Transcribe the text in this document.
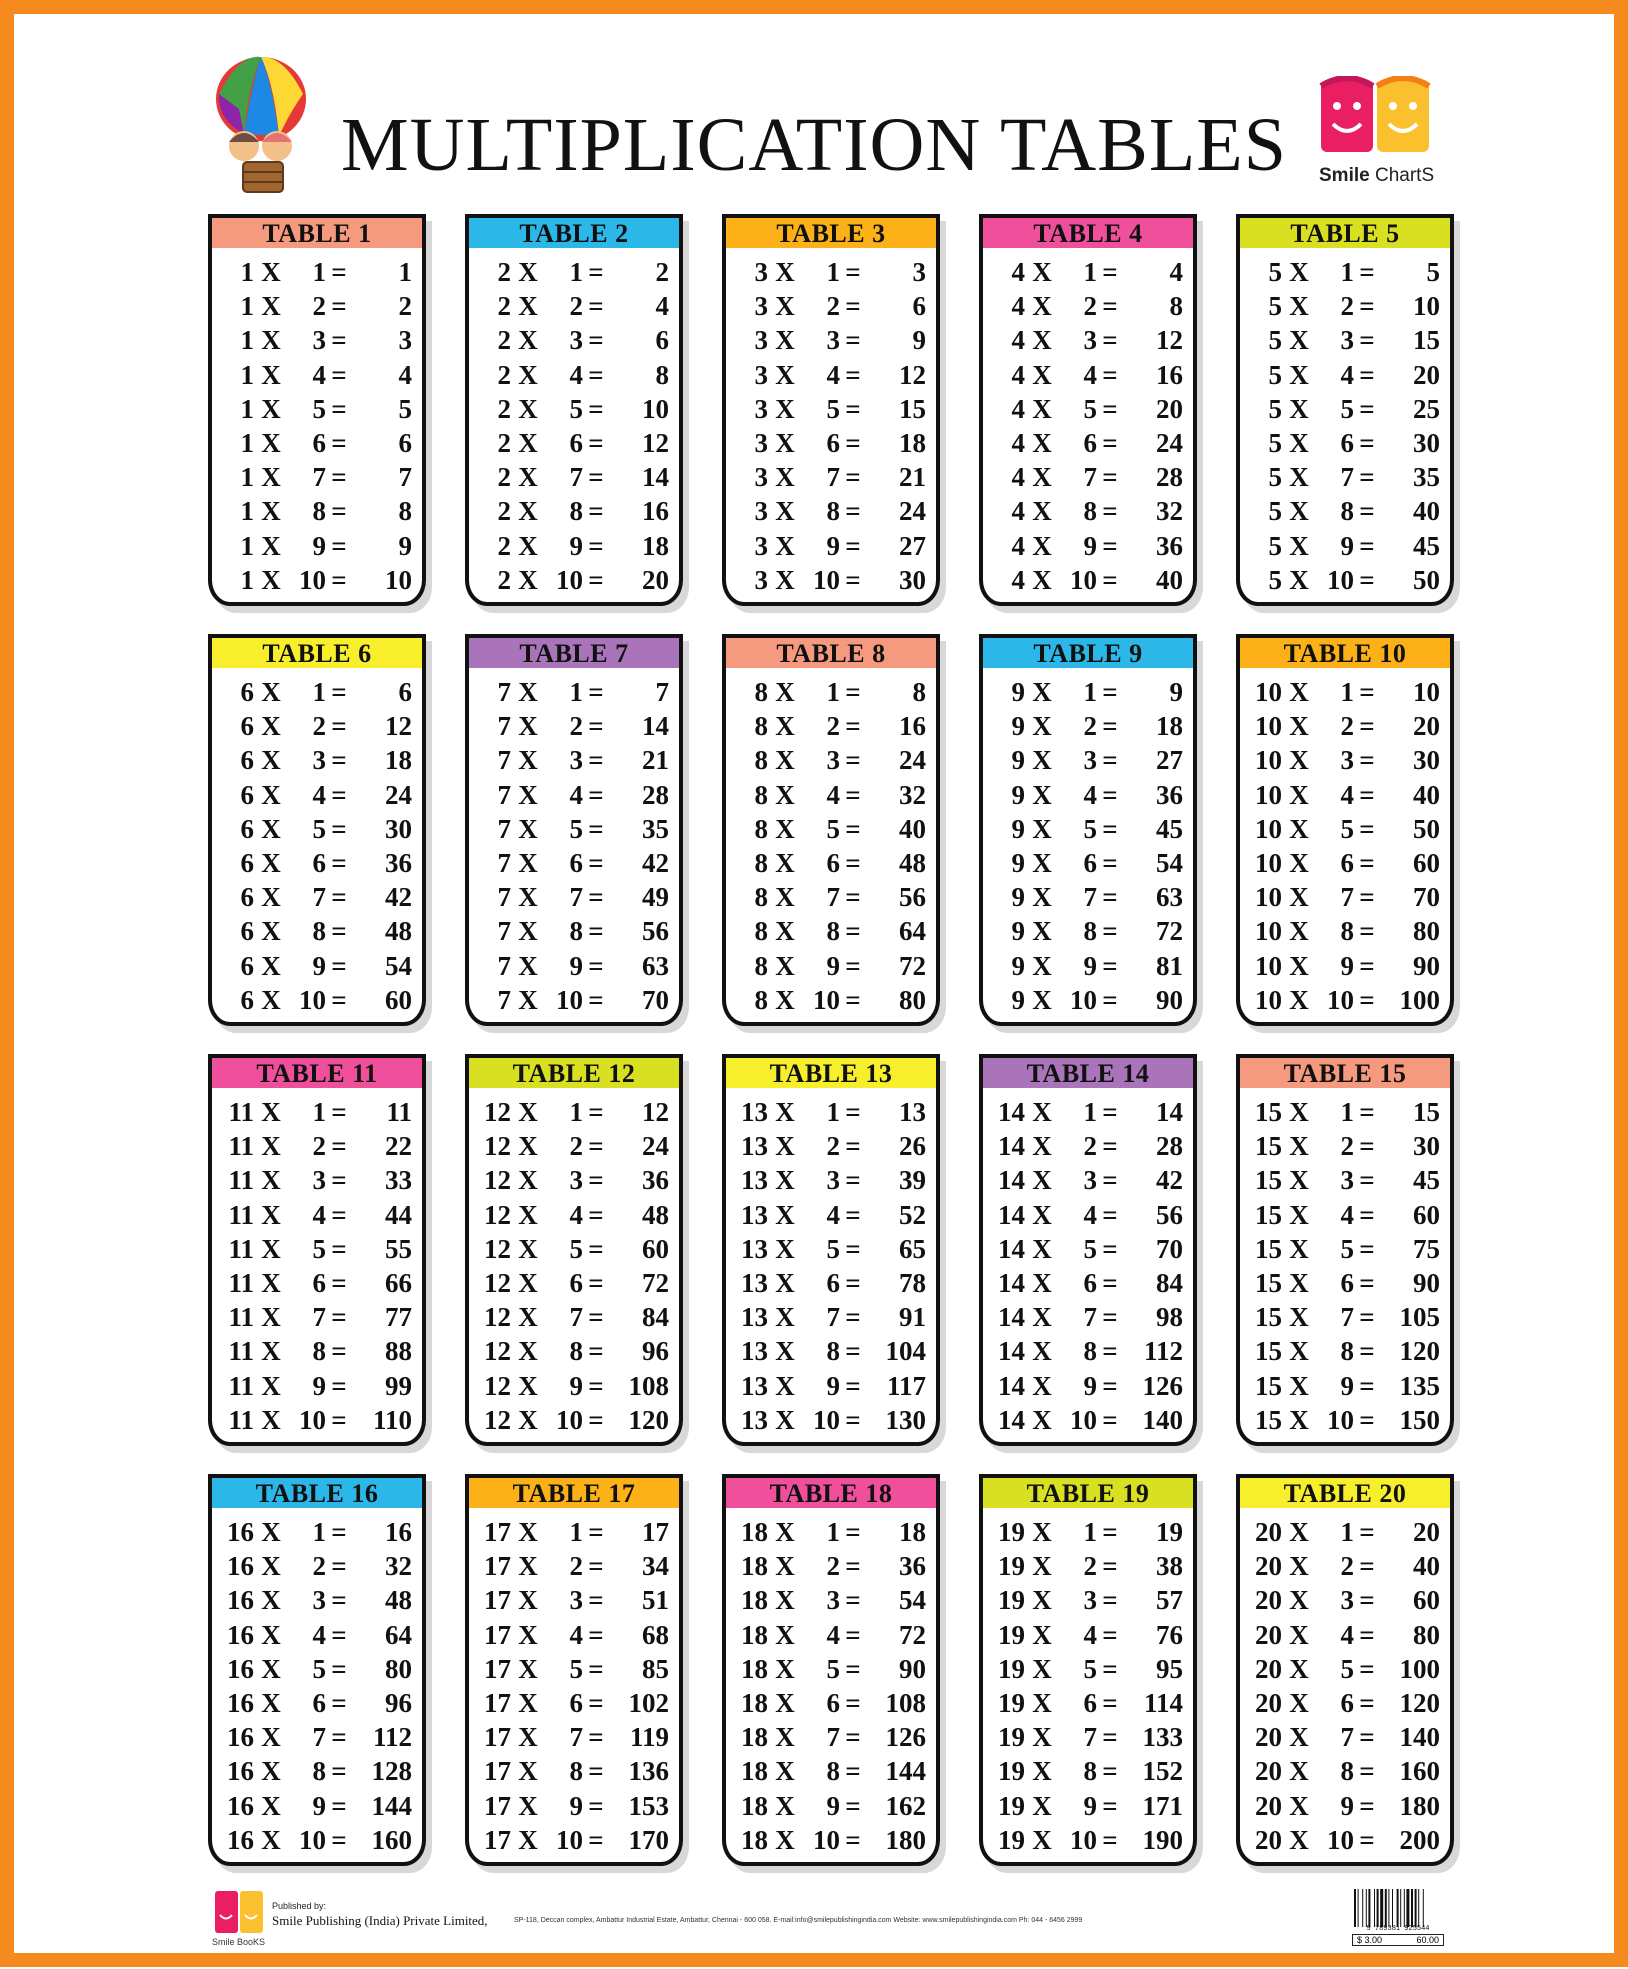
MULTIPLICATION TABLES	Smile ChartS
TABLE 1
1 X	1 =	1
1 X	2 =	2
1 X	3 =	3
1 X	4 =	4
1 X	5 =	5
1 X	6 =	6
1 X	7 =	7
1 X	8 =	8
1 X	9 =	9
1 X 10 =	10
TABLE 2
2 X	1 =	2
2 X	2 =	4
2 X	3 =	6
2 X	4 =	8
2 X	5 =	10
2 X	6 =	12
2 X	7 =	14
2 X	8 =	16
2 X	9 =	18
2 X 10 =	20
TABLE 3
3 X	1 =	3
3 X	2 =	6
3 X	3 =	9
3 X	4 =	12
3 X	5 =	15
3 X	6 =	18
3 X	7 =	21
3 X	8 =	24
3 X	9 =	27
3 X 10 =	30
TABLE 4
4 X	1 =	4
4 X	2 =	8
4 X	3 =	12
4 X	4 =	16
4 X	5 =	20
4 X	6 =	24
4 X	7 =	28
4 X	8 =	32
4 X	9 =	36
4 X 10 =	40
TABLE 5
5 X	1 =	5
5 X	2 =	10
5 X	3 =	15
5 X	4 =	20
5 X	5 =	25
5 X	6 =	30
5 X	7 =	35
5 X	8 =	40
5 X	9 =	45
5 X 10 =	50
TABLE 6
6 X	1 =	6
6 X	2 =	12
6 X	3 =	18
6 X	4 =	24
6 X	5 =	30
6 X	6 =	36
6 X	7 =	42
6 X	8 =	48
6 X	9 =	54
6 X 10 =	60
TABLE 7
7 X	1 =	7
7 X	2 =	14
7 X	3 =	21
7 X	4 =	28
7 X	5 =	35
7 X	6 =	42
7 X	7 =	49
7 X	8 =	56
7 X	9 =	63
7 X 10 =	70
TABLE 8
8 X	1 =	8
8 X	2 =	16
8 X	3 =	24
8 X	4 =	32
8 X	5 =	40
8 X	6 =	48
8 X	7 =	56
8 X	8 =	64
8 X	9 =	72
8 X 10 =	80
TABLE 9
9 X	1 =	9
9 X	2 =	18
9 X	3 =	27
9 X	4 =	36
9 X	5 =	45
9 X	6 =	54
9 X	7 =	63
9 X	8 =	72
9 X	9 =	81
9 X 10 =	90
TABLE 10
10 X	1 =	10
10 X	2 =	20
10 X	3 =	30
10 X	4 =	40
10 X	5 =	50
10 X	6 =	60
10 X	7 =	70
10 X	8 =	80
10 X	9 =	90
10 X 10 = 100
TABLE 11
11 X	1 =	11
11 X	2 =	22
11 X	3 =	33
11 X	4 =	44
11 X	5 =	55
11 X	6 =	66
11 X	7 =	77
11 X	8 =	88
11 X	9 =	99
11 X 10 = 110
TABLE 12
12 X	1 =	12
12 X	2 =	24
12 X	3 =	36
12 X	4 =	48
12 X	5 =	60
12 X	6 =	72
12 X	7 =	84
12 X	8 =	96
12 X	9 = 108
12 X 10 = 120
TABLE 13
13 X	1 =	13
13 X	2 =	26
13 X	3 =	39
13 X	4 =	52
13 X	5 =	65
13 X	6 =	78
13 X	7 =	91
13 X	8 = 104
13 X	9 = 117
13 X 10 = 130
TABLE 14
14 X	1 =	14
14 X	2 =	28
14 X	3 =	42
14 X	4 =	56
14 X	5 =	70
14 X	6 =	84
14 X	7 =	98
14 X	8 = 112
14 X	9 = 126
14 X 10 = 140
TABLE 15
15 X	1 =	15
15 X	2 =	30
15 X	3 =	45
15 X	4 =	60
15 X	5 =	75
15 X	6 =	90
15 X	7 = 105
15 X	8 = 120
15 X	9 = 135
15 X 10 = 150
TABLE 16
16 X	1 =	16
16 X	2 =	32
16 X	3 =	48
16 X	4 =	64
16 X	5 =	80
16 X	6 =	96
16 X	7 = 112
16 X	8 = 128
16 X	9 = 144
16 X 10 = 160
TABLE 17
17 X	1 =	17
17 X	2 =	34
17 X	3 =	51
17 X	4 =	68
17 X	5 =	85
17 X	6 = 102
17 X	7 = 119
17 X	8 = 136
17 X	9 = 153
17 X 10 = 170
TABLE 18
18 X	1 =	18
18 X	2 =	36
18 X	3 =	54
18 X	4 =	72
18 X	5 =	90
18 X	6 = 108
18 X	7 = 126
18 X	8 = 144
18 X	9 = 162
18 X 10 = 180
TABLE 19
19 X	1 =	19
19 X	2 =	38
19 X	3 =	57
19 X	4 =	76
19 X	5 =	95
19 X	6 = 114
19 X	7 = 133
19 X	8 = 152
19 X	9 = 171
19 X 10 = 190
TABLE 20
20 X	1 =	20
20 X	2 =	40
20 X	3 =	60
20 X	4 =	80
20 X	5 = 100
20 X	6 = 120
20 X	7 = 140
20 X	8 = 160
20 X	9 = 180
20 X 10 = 200
Smile BooKS
Published by:
Smile Publishing (India) Private Limited,	SP-118, Deccan complex, Ambattur Industrial Estate, Ambattur, Chennai - 600 058. E-mail:info@smilepublishingindia.com Website: www.smilepublishingindia.com Ph: 044 - 6456 2999
9 789381 925544
$ 3.00	60.00
